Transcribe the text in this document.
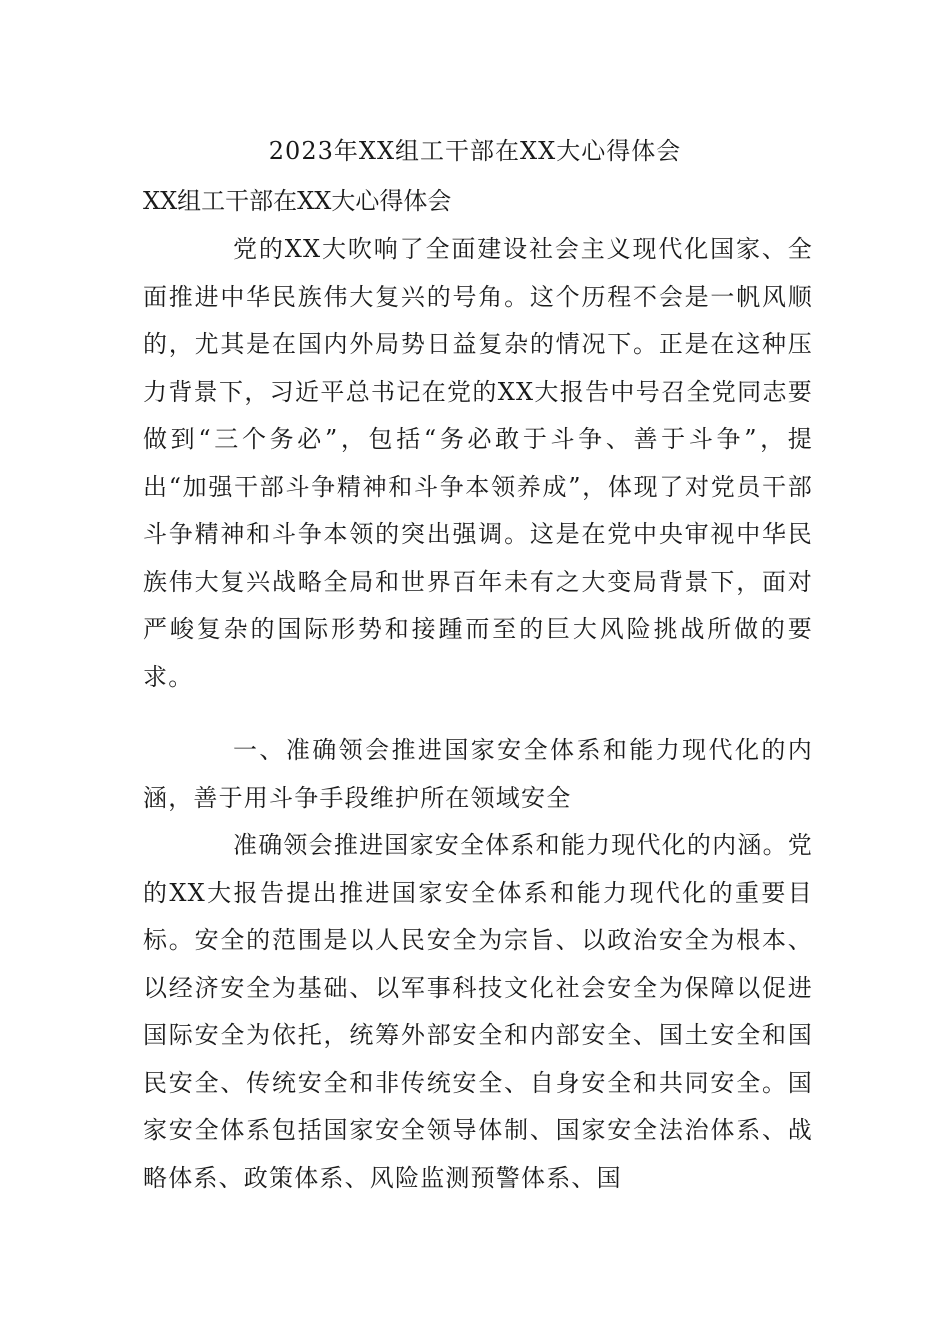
2023年XX组工干部在XX大心得体会
XX组工干部在XX大心得体会

党的XX大吹响了全面建设社会主义现代化国家、全面推进中华民族伟大复兴的号角。这个历程不会是一帆风顺的，尤其是在国内外局势日益复杂的情况下。正是在这种压力背景下，习近平总书记在党的XX大报告中号召全党同志要做到“三个务必”，包括“务必敢于斗争、善于斗争”，提出“加强干部斗争精神和斗争本领养成”，体现了对党员干部斗争精神和斗争本领的突出强调。这是在党中央审视中华民族伟大复兴战略全局和世界百年未有之大变局背景下，面对严峻复杂的国际形势和接踵而至的巨大风险挑战所做的要求。

一、准确领会推进国家安全体系和能力现代化的内涵，善于用斗争手段维护所在领域安全

准确领会推进国家安全体系和能力现代化的内涵。党的XX大报告提出推进国家安全体系和能力现代化的重要目标。安全的范围是以人民安全为宗旨、以政治安全为根本、以经济安全为基础、以军事科技文化社会安全为保障以促进国际安全为依托，统筹外部安全和内部安全、国土安全和国民安全、传统安全和非传统安全、自身安全和共同安全。国家安全体系包括国家安全领导体制、国家安全法治体系、战略体系、政策体系、风险监测预警体系、国
